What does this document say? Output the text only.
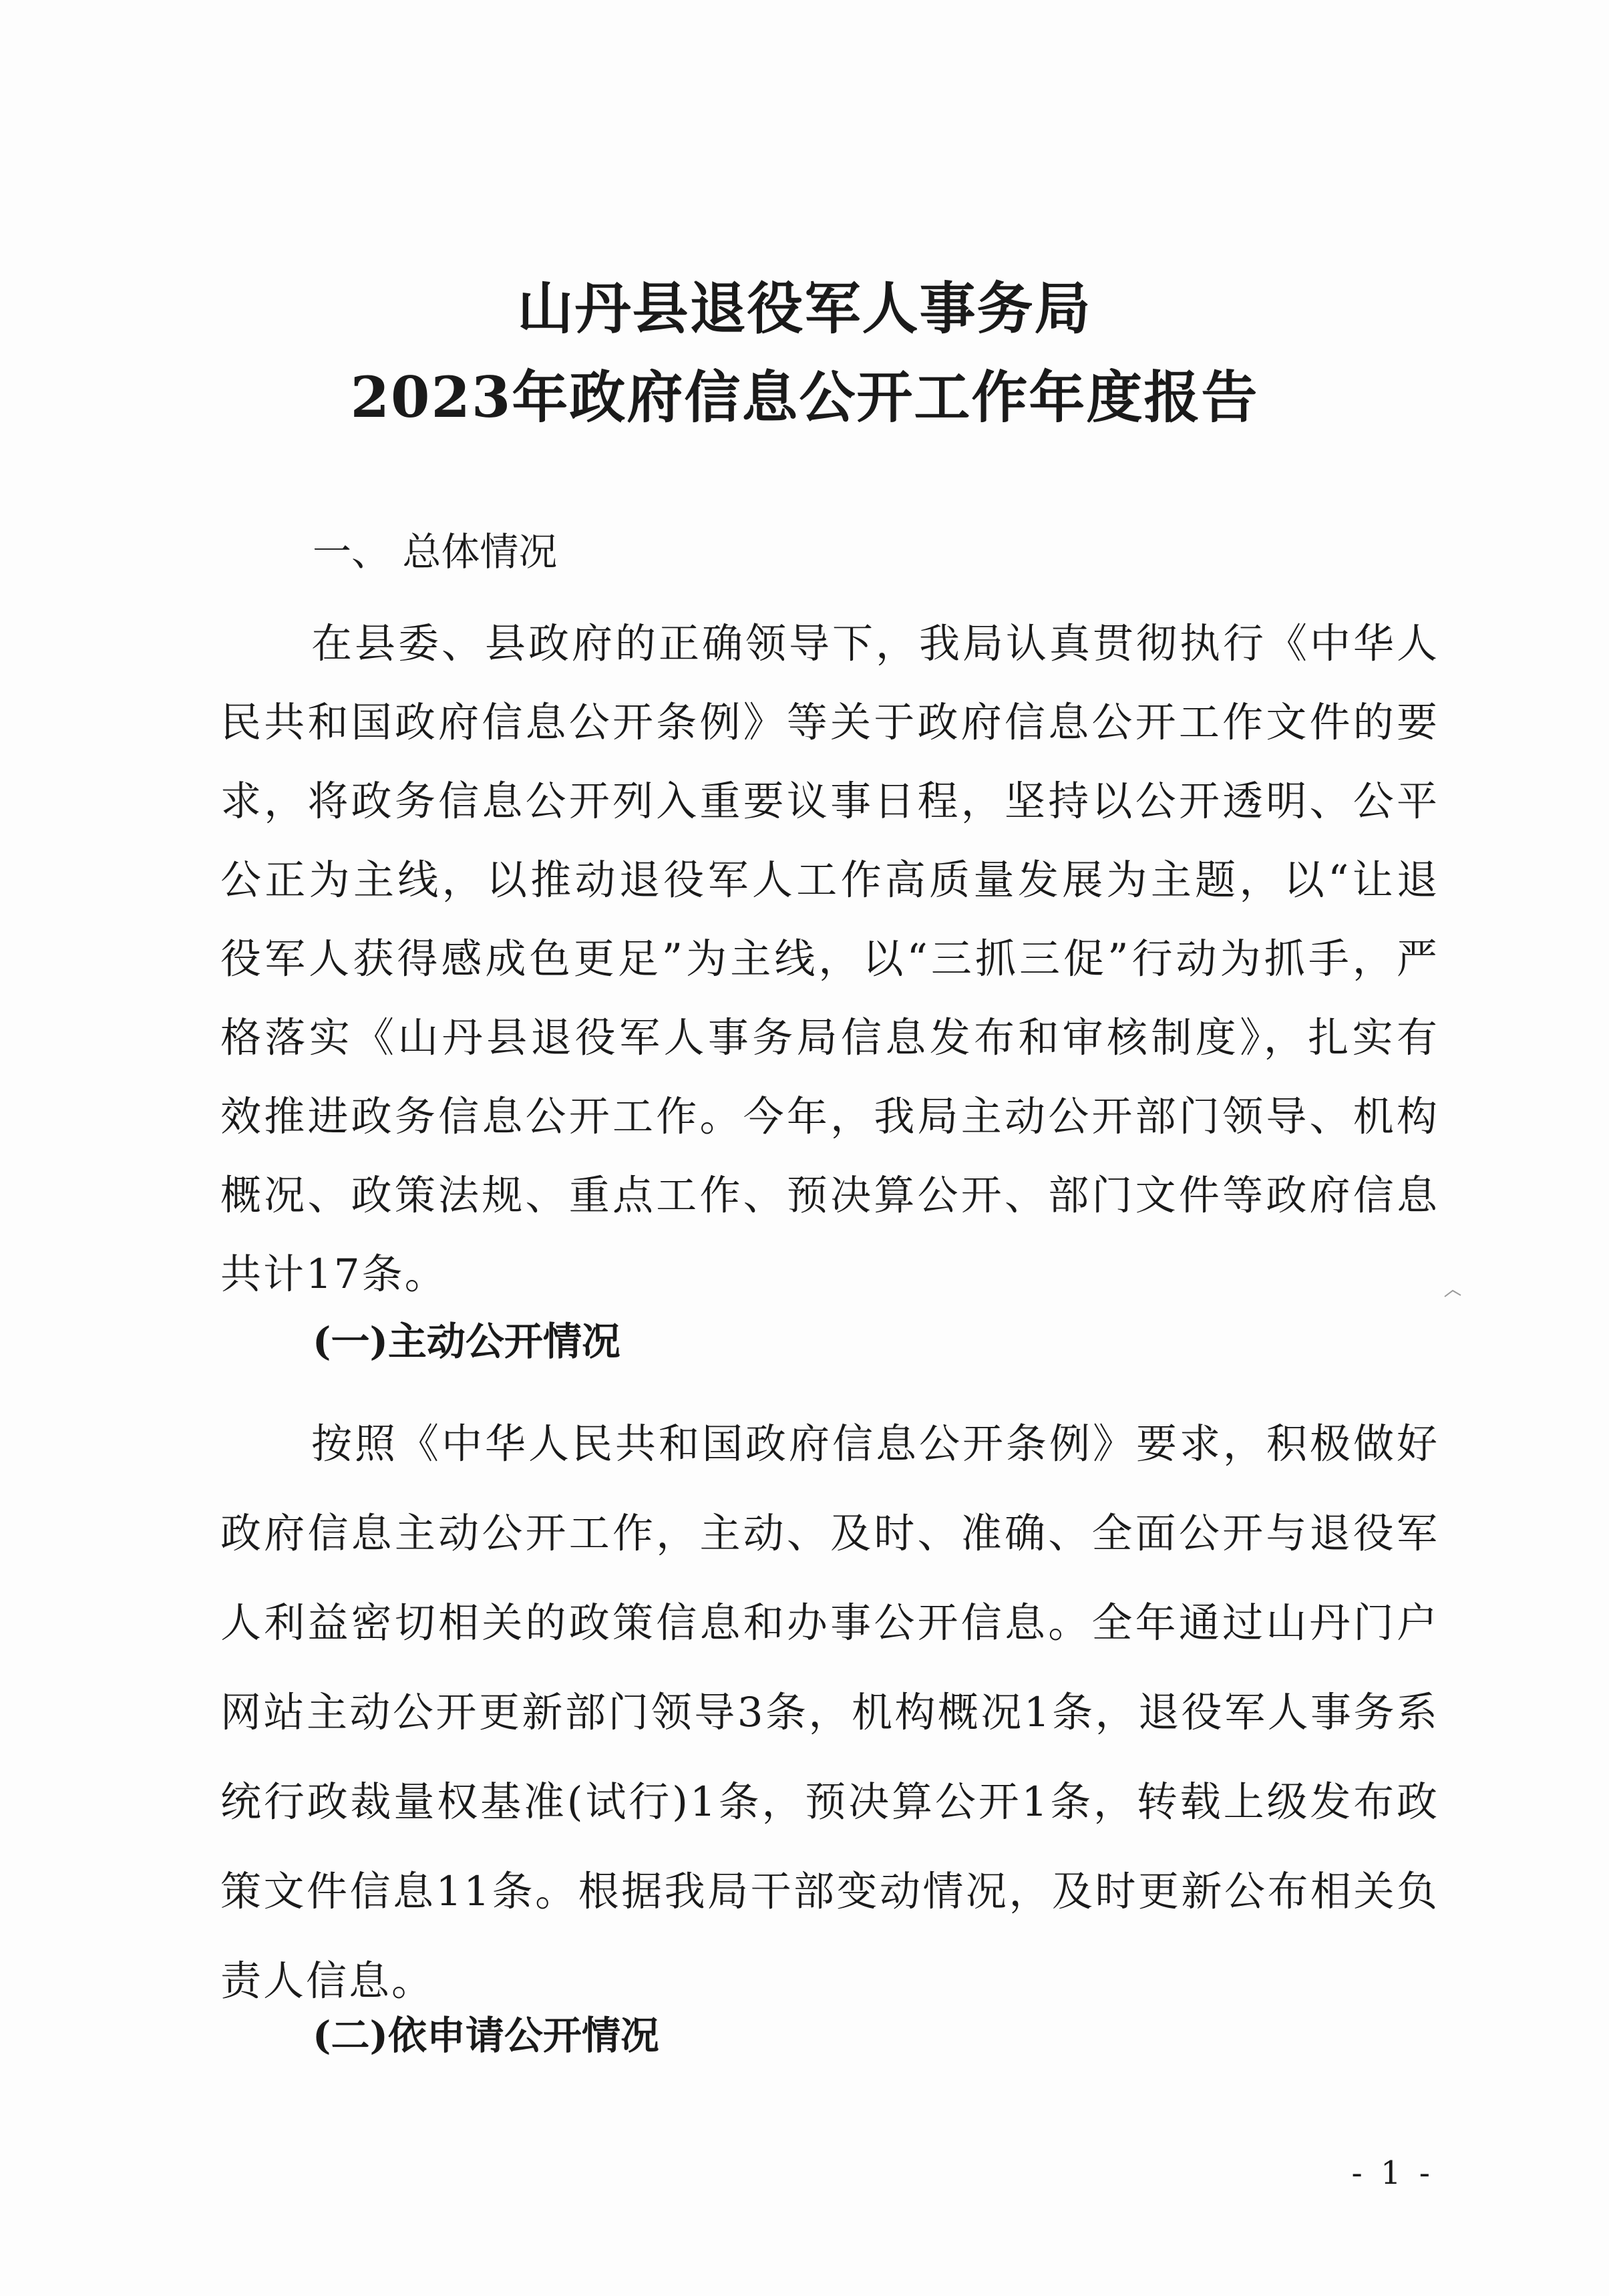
山丹县退役军人事务局
2023年政府信息公开工作年度报告
一、 总体情况

在县委、县政府的正确领导下，我局认真贯彻执行《中华人民共和国政府信息公开条例》等关于政府信息公开工作文件的要求，将政务信息公开列入重要议事日程，坚持以公开透明、公平公正为主线，以推动退役军人工作高质量发展为主题，以“让退役军人获得感成色更足”为主线，以“三抓三促”行动为抓手，严格落实《山丹县退役军人事务局信息发布和审核制度》，扎实有效推进政务信息公开工作。今年，我局主动公开部门领导、机构概况、政策法规、重点工作、预决算公开、部门文件等政府信息共计17条。

(一)主动公开情况

按照《中华人民共和国政府信息公开条例》要求，积极做好政府信息主动公开工作，主动、及时、准确、全面公开与退役军人利益密切相关的政策信息和办事公开信息。全年通过山丹门户网站主动公开更新部门领导3条，机构概况1条，退役军人事务系统行政裁量权基准(试行)1条，预决算公开1条，转载上级发布政策文件信息11条。根据我局干部变动情况，及时更新公布相关负责人信息。

(二)依申请公开情况
- 1 -
